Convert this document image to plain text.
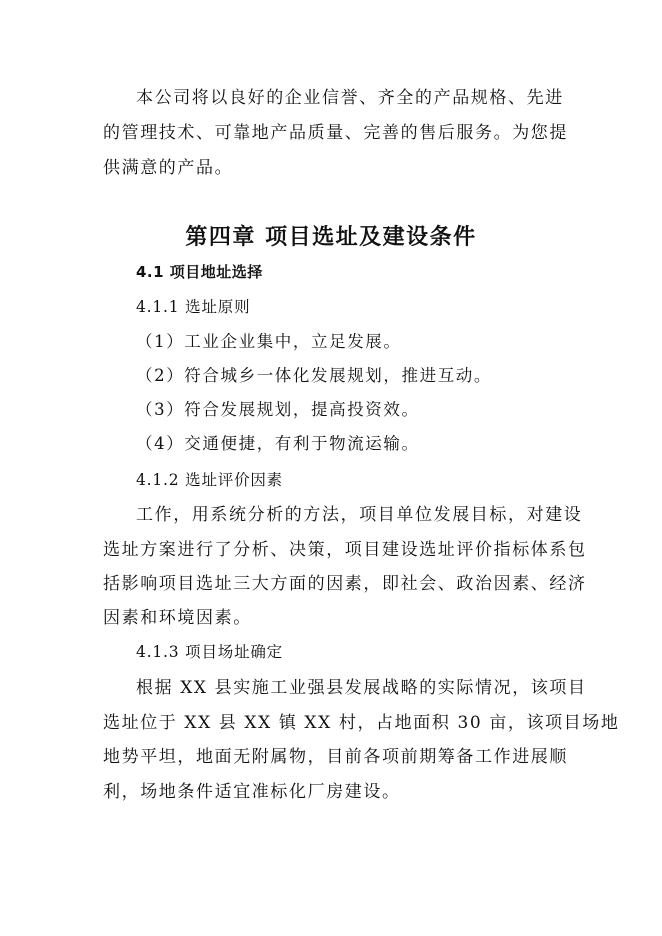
本公司将以良好的企业信誉、齐全的产品规格、先进
的管理技术、可靠地产品质量、完善的售后服务。为您提
供满意的产品。
第四章 项目选址及建设条件
4.1 项目地址选择
4.1.1 选址原则
（1）工业企业集中，立足发展。
（2）符合城乡一体化发展规划，推进互动。
（3）符合发展规划，提高投资效。
（4）交通便捷，有利于物流运输。
4.1.2 选址评价因素
工作，用系统分析的方法，项目单位发展目标，对建设
选址方案进行了分析、决策，项目建设选址评价指标体系包
括影响项目选址三大方面的因素，即社会、政治因素、经济
因素和环境因素。
4.1.3 项目场址确定
根据 XX 县实施工业强县发展战略的实际情况，该项目
选址位于 XX 县 XX 镇 XX 村，占地面积 30 亩，该项目场地
地势平坦，地面无附属物，目前各项前期筹备工作进展顺
利，场地条件适宜准标化厂房建设。
